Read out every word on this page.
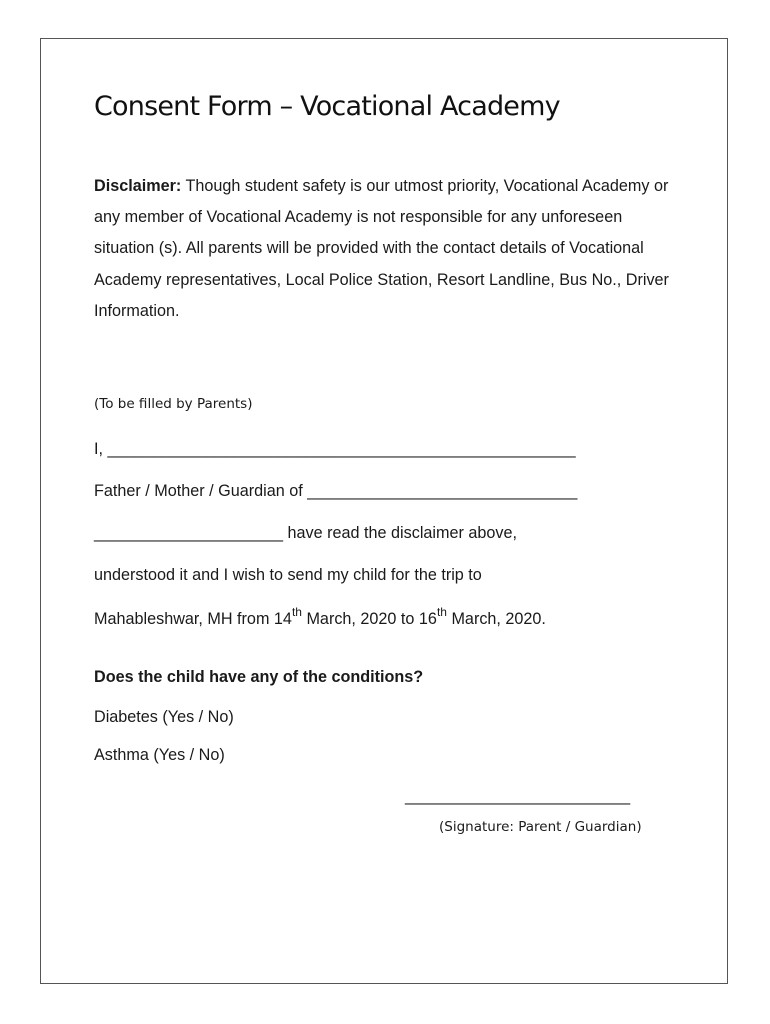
Consent Form – Vocational Academy
Disclaimer: Though student safety is our utmost priority, Vocational Academy or any member of Vocational Academy is not responsible for any unforeseen situation (s). All parents will be provided with the contact details of Vocational Academy representatives, Local Police Station, Resort Landline, Bus No., Driver Information.
(To be filled by Parents)
I, ____________________________________________________
Father / Mother / Guardian of ______________________________
_____________________ have read the disclaimer above,
understood it and I wish to send my child for the trip to
Mahableshwar, MH from 14th March, 2020 to 16th March, 2020.
Does the child have any of the conditions?
Diabetes (Yes / No)
Asthma (Yes / No)
_________________________
(Signature: Parent / Guardian)
